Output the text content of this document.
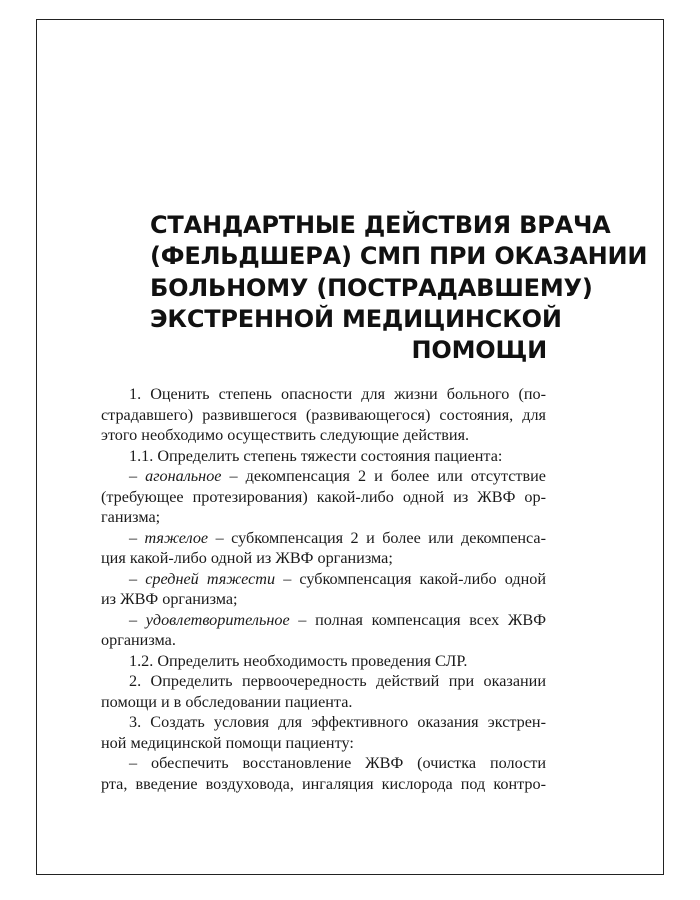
СТАНДАРТНЫЕ ДЕЙСТВИЯ ВРАЧА
(ФЕЛЬДШЕРА) СМП ПРИ ОКАЗАНИИ
БОЛЬНОМУ (ПОСТРАДАВШЕМУ)
ЭКСТРЕННОЙ МЕДИЦИНСКОЙ
ПОМОЩИ
1. Оценить степень опасности для жизни больного (по-
страдавшего) развившегося (развивающегося) состояния, для
этого необходимо осуществить следующие действия.
1.1. Определить степень тяжести состояния пациента:
– агональное – декомпенсация 2 и более или отсутствие
(требующее протезирования) какой-либо одной из ЖВФ ор-
ганизма;
– тяжелое – субкомпенсация 2 и более или декомпенса-
ция какой-либо одной из ЖВФ организма;
– средней тяжести – субкомпенсация какой-либо одной
из ЖВФ организма;
– удовлетворительное – полная компенсация всех ЖВФ
организма.
1.2. Определить необходимость проведения СЛР.
2. Определить первоочередность действий при оказании
помощи и в обследовании пациента.
3. Создать условия для эффективного оказания экстрен-
ной медицинской помощи пациенту:
– обеспечить восстановление ЖВФ (очистка полости
рта, введение воздуховода, ингаляция кислорода под контро-
